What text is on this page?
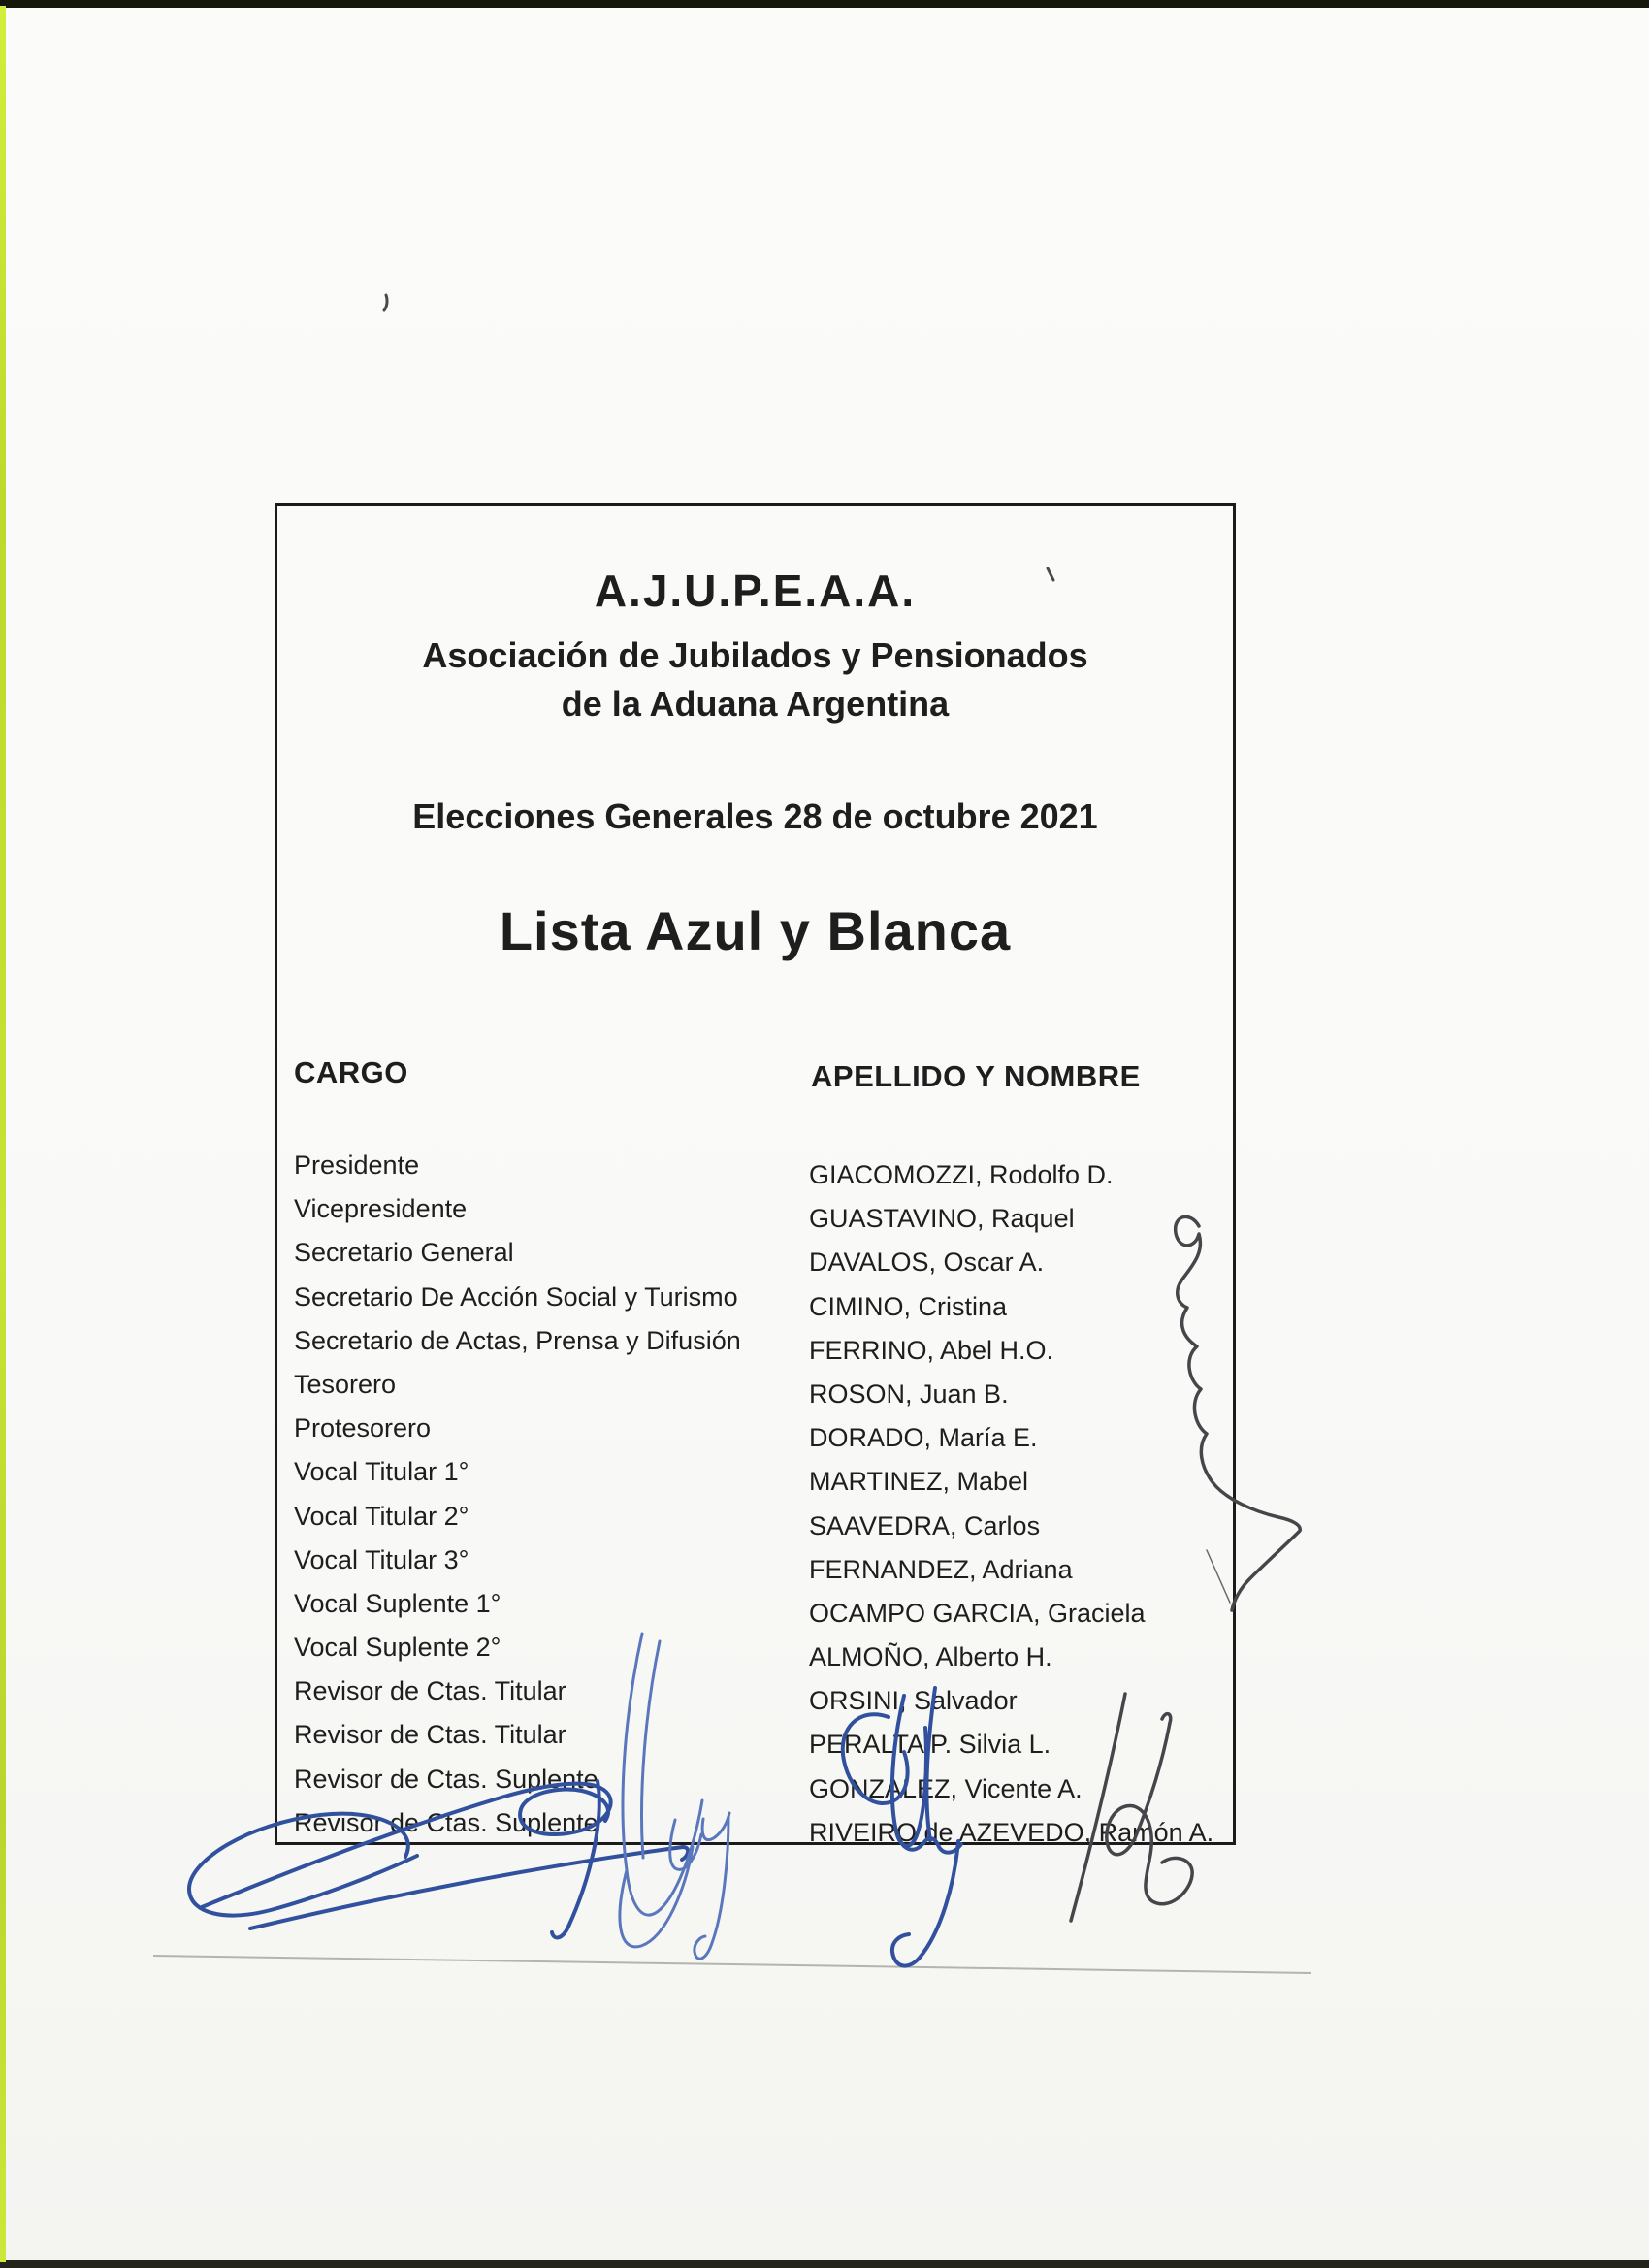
A.J.U.P.E.A.A.
Asociación de Jubilados y Pensionados
de la Aduana Argentina
Elecciones Generales 28 de octubre 2021
Lista Azul y Blanca
CARGO	APELLIDO Y NOMBRE
Presidente	GIACOMOZZI, Rodolfo D.
Vicepresidente	GUASTAVINO, Raquel
Secretario General	DAVALOS, Oscar A.
Secretario De Acción Social y Turismo	CIMINO, Cristina
Secretario de Actas, Prensa y Difusión	FERRINO, Abel H.O.
Tesorero	ROSON, Juan B.
Protesorero	DORADO, María E.
Vocal Titular 1°	MARTINEZ, Mabel
Vocal Titular 2°	SAAVEDRA, Carlos
Vocal Titular 3°	FERNANDEZ, Adriana
Vocal Suplente 1°	OCAMPO GARCIA, Graciela
Vocal Suplente 2°	ALMOÑO, Alberto H.
Revisor de Ctas. Titular	ORSINI, Salvador
Revisor de Ctas. Titular	PERALTA P. Silvia L.
Revisor de Ctas. Suplente	GONZALEZ, Vicente A.
Revisor de Ctas. Suplente	RIVEIRO de AZEVEDO, Ramón A.
